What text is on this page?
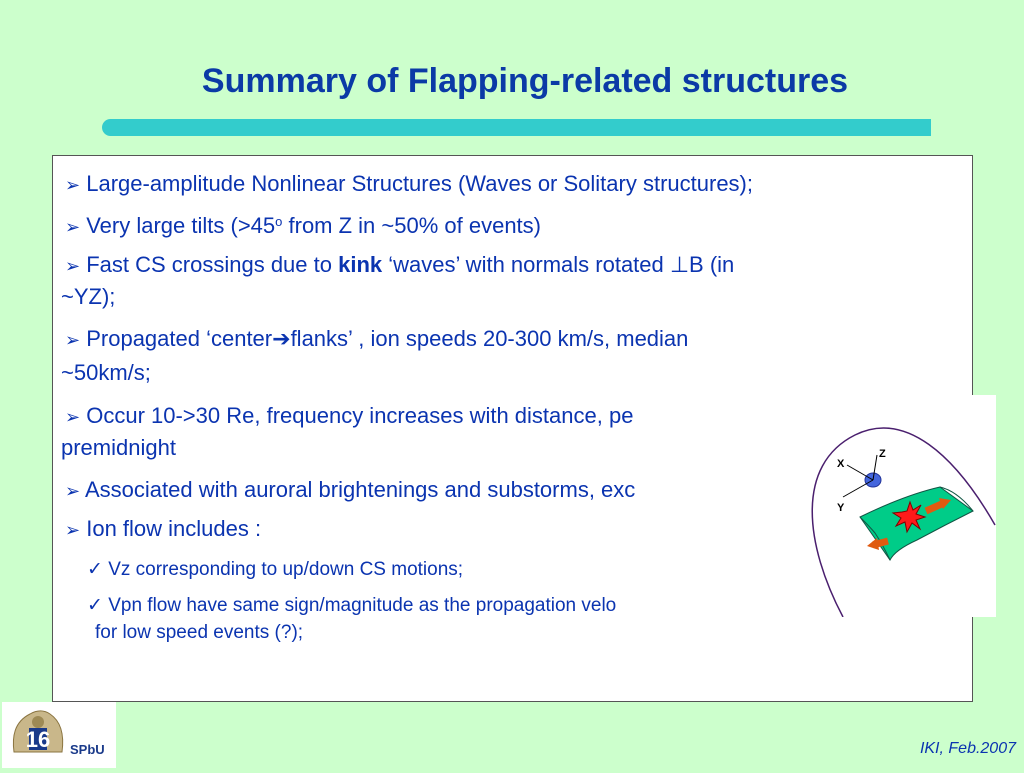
Summary of Flapping-related structures
➢ Large-amplitude Nonlinear Structures (Waves or Solitary structures);
➢ Very large tilts ($>45^o$ from Z in ~50% of events)
➢ Fast CS crossings due to kink ‘waves’ with normals rotated ⊥B (in
~YZ);
➢ Propagated ‘center➔flanks’ , ion speeds 20-300 km/s, median
~50km/s;
➢ Occur 10->30 Re, frequency increases with distance, pe
premidnight
➢ Associated with auroral brightenings and substorms, exc
➢ Ion flow includes :
✓ Vz corresponding to up/down CS motions;
✓ Vpn flow have same sign/magnitude as the propagation velo
for low speed events (?);
Z
X
Y
16 SPbU	IKI, Feb.2007
